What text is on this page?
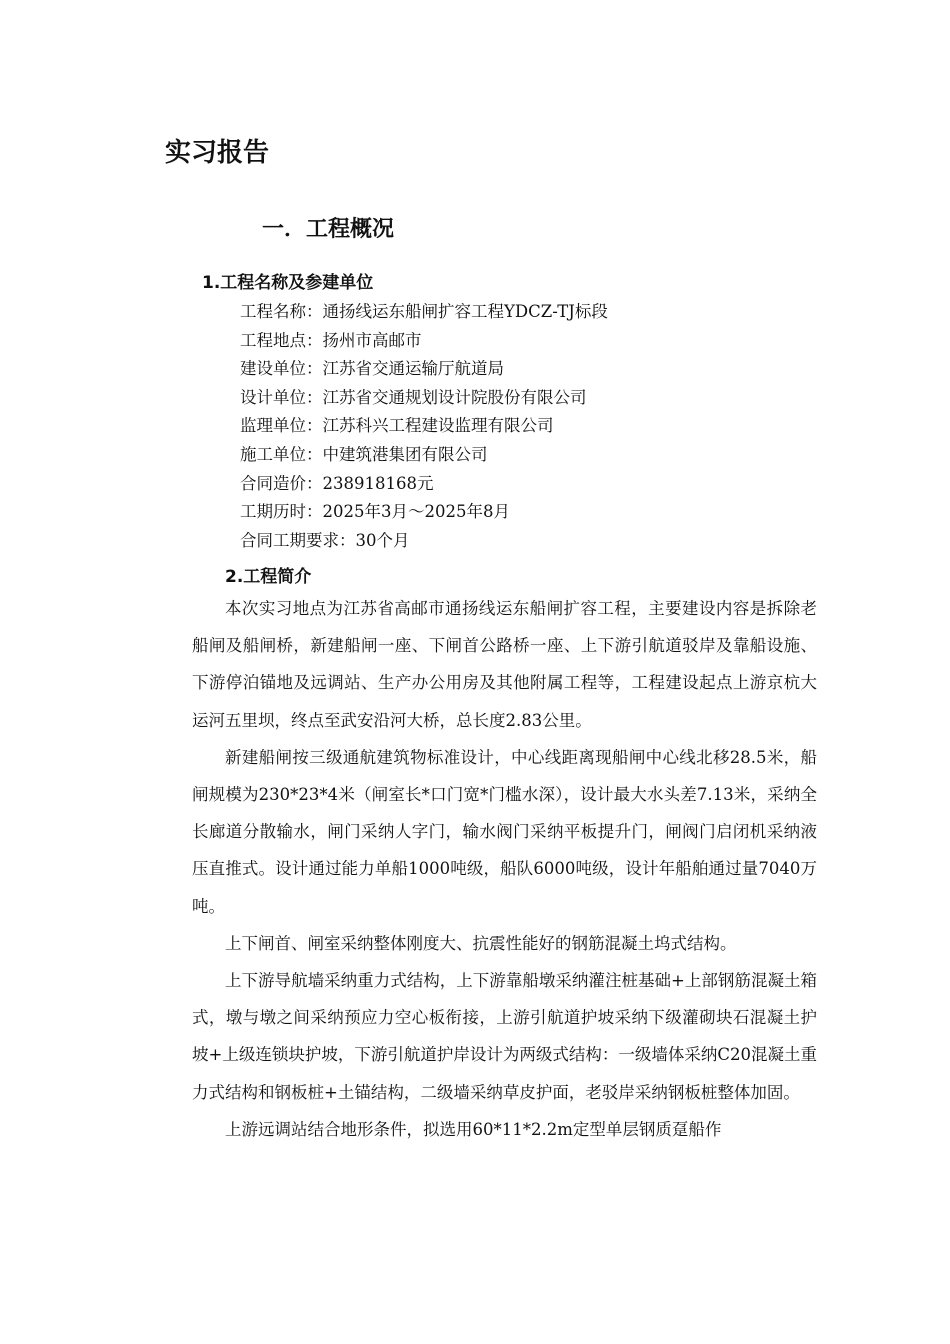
实习报告
一．工程概况
1.工程名称及参建单位
工程名称：通扬线运东船闸扩容工程YDCZ-TJ标段
工程地点：扬州市高邮市
建设单位：江苏省交通运输厅航道局
设计单位：江苏省交通规划设计院股份有限公司
监理单位：江苏科兴工程建设监理有限公司
施工单位：中建筑港集团有限公司
合同造价：238918168元
工期历时：2025年3月～2025年8月
合同工期要求：30个月
2.工程简介

本次实习地点为江苏省高邮市通扬线运东船闸扩容工程，主要建设内容是拆除老船闸及船闸桥，新建船闸一座、下闸首公路桥一座、上下游引航道驳岸及靠船设施、下游停泊锚地及远调站、生产办公用房及其他附属工程等，工程建设起点上游京杭大运河五里坝，终点至武安沿河大桥，总长度2.83公里。

新建船闸按三级通航建筑物标准设计，中心线距离现船闸中心线北移28.5米，船闸规模为230*23*4米（闸室长*口门宽*门槛水深），设计最大水头差7.13米，采纳全长廊道分散输水，闸门采纳人字门，输水阀门采纳平板提升门，闸阀门启闭机采纳液压直推式。设计通过能力单船1000吨级，船队6000吨级，设计年船舶通过量7040万吨。

上下闸首、闸室采纳整体刚度大、抗震性能好的钢筋混凝土坞式结构。

上下游导航墙采纳重力式结构，上下游靠船墩采纳灌注桩基础+上部钢筋混凝土箱式，墩与墩之间采纳预应力空心板衔接，上游引航道护坡采纳下级灌砌块石混凝土护坡+上级连锁块护坡，下游引航道护岸设计为两级式结构：一级墙体采纳C20混凝土重力式结构和钢板桩+土锚结构，二级墙采纳草皮护面，老驳岸采纳钢板桩整体加固。

上游远调站结合地形条件，拟选用60*11*2.2m定型单层钢质趸船作
